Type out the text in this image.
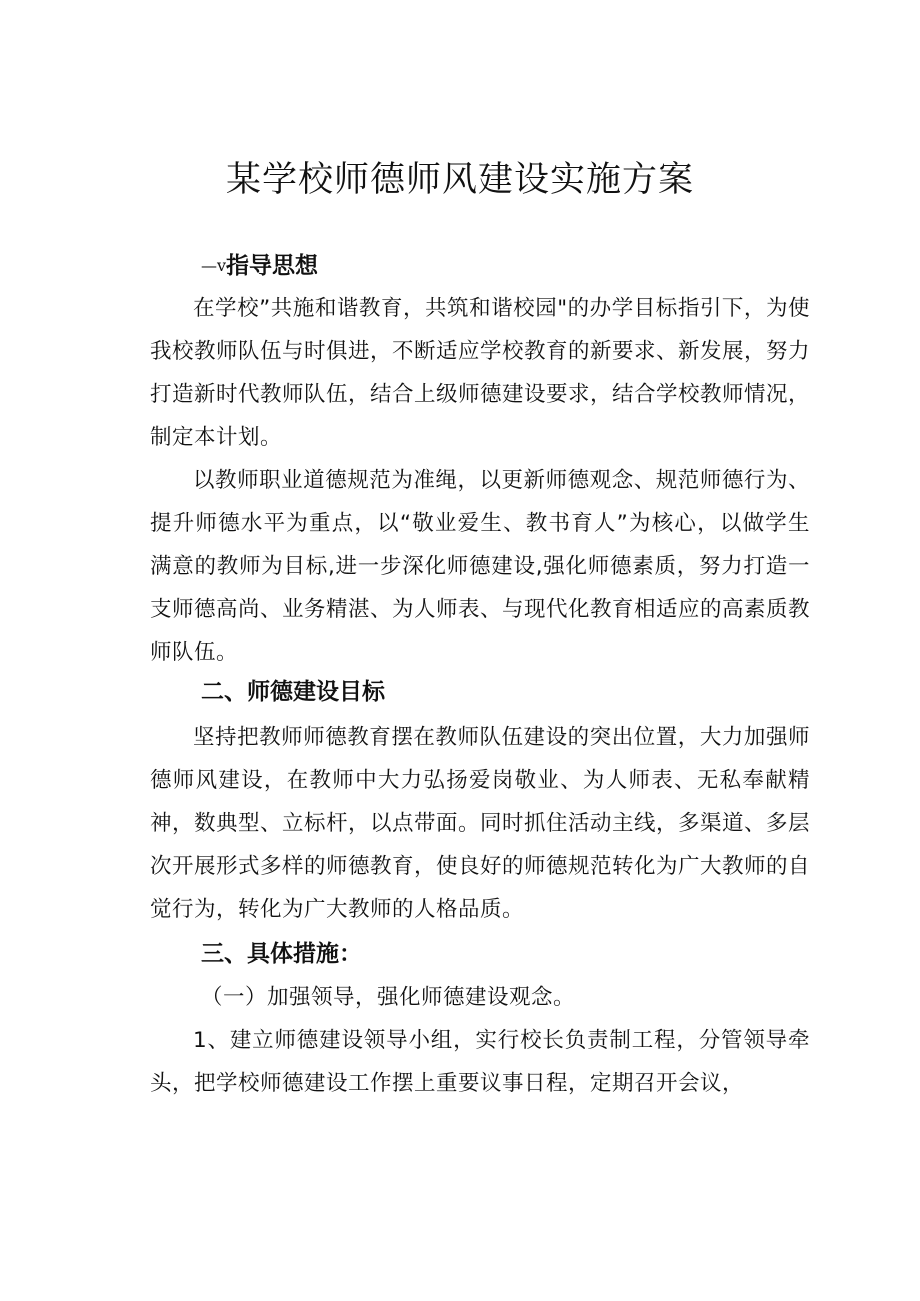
某学校师德师风建设实施方案
—v指导思想

在学校”共施和谐教育，共筑和谐校园"的办学目标指引下，为使我校教师队伍与时俱进，不断适应学校教育的新要求、新发展，努力打造新时代教师队伍，结合上级师德建设要求，结合学校教师情况，制定本计划。

以教师职业道德规范为准绳，以更新师德观念、规范师德行为、提升师德水平为重点，以“敬业爱生、教书育人”为核心，以做学生满意的教师为目标,进一步深化师德建设,强化师德素质，努力打造一支师德高尚、业务精湛、为人师表、与现代化教育相适应的高素质教师队伍。

二、师德建设目标

坚持把教师师德教育摆在教师队伍建设的突出位置，大力加强师德师风建设，在教师中大力弘扬爱岗敬业、为人师表、无私奉献精神，数典型、立标杆，以点带面。同时抓住活动主线，多渠道、多层次开展形式多样的师德教育，使良好的师德规范转化为广大教师的自觉行为，转化为广大教师的人格品质。

三、具体措施：

（一）加强领导，强化师德建设观念。

1、建立师德建设领导小组，实行校长负责制工程，分管领导牵头，把学校师德建设工作摆上重要议事日程，定期召开会议，
